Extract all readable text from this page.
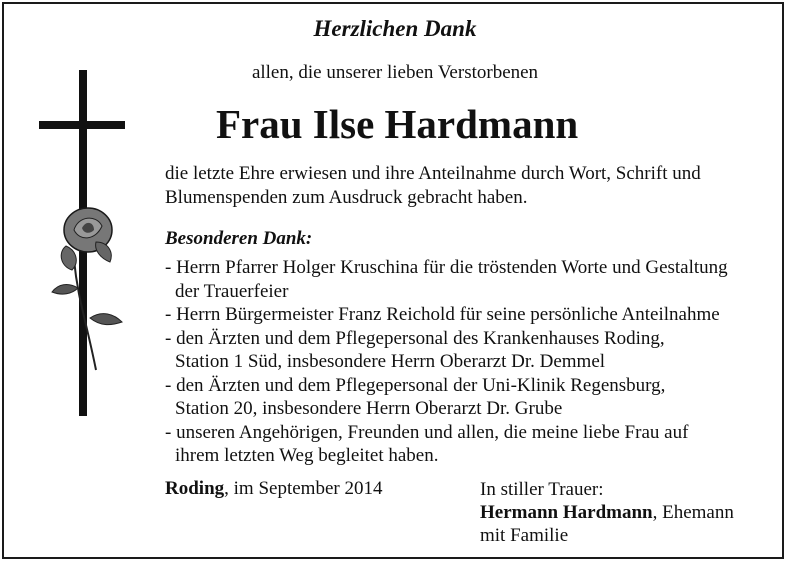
Herzlichen Dank
allen, die unserer lieben Verstorbenen
Frau Ilse Hardmann
die letzte Ehre erwiesen und ihre Anteilnahme durch Wort, Schrift und
Blumenspenden zum Ausdruck gebracht haben.
Besonderen Dank:
- Herrn Pfarrer Holger Kruschina für die tröstenden Worte und Gestaltung
der Trauerfeier
- Herrn Bürgermeister Franz Reichold für seine persönliche Anteilnahme
- den Ärzten und dem Pflegepersonal des Krankenhauses Roding,
Station 1 Süd, insbesondere Herrn Oberarzt Dr. Demmel
- den Ärzten und dem Pflegepersonal der Uni-Klinik Regensburg,
Station 20, insbesondere Herrn Oberarzt Dr. Grube
- unseren Angehörigen, Freunden und allen, die meine liebe Frau auf
ihrem letzten Weg begleitet haben.
Roding, im September 2014	In stiller Trauer:
Hermann Hardmann, Ehemann
mit Familie
